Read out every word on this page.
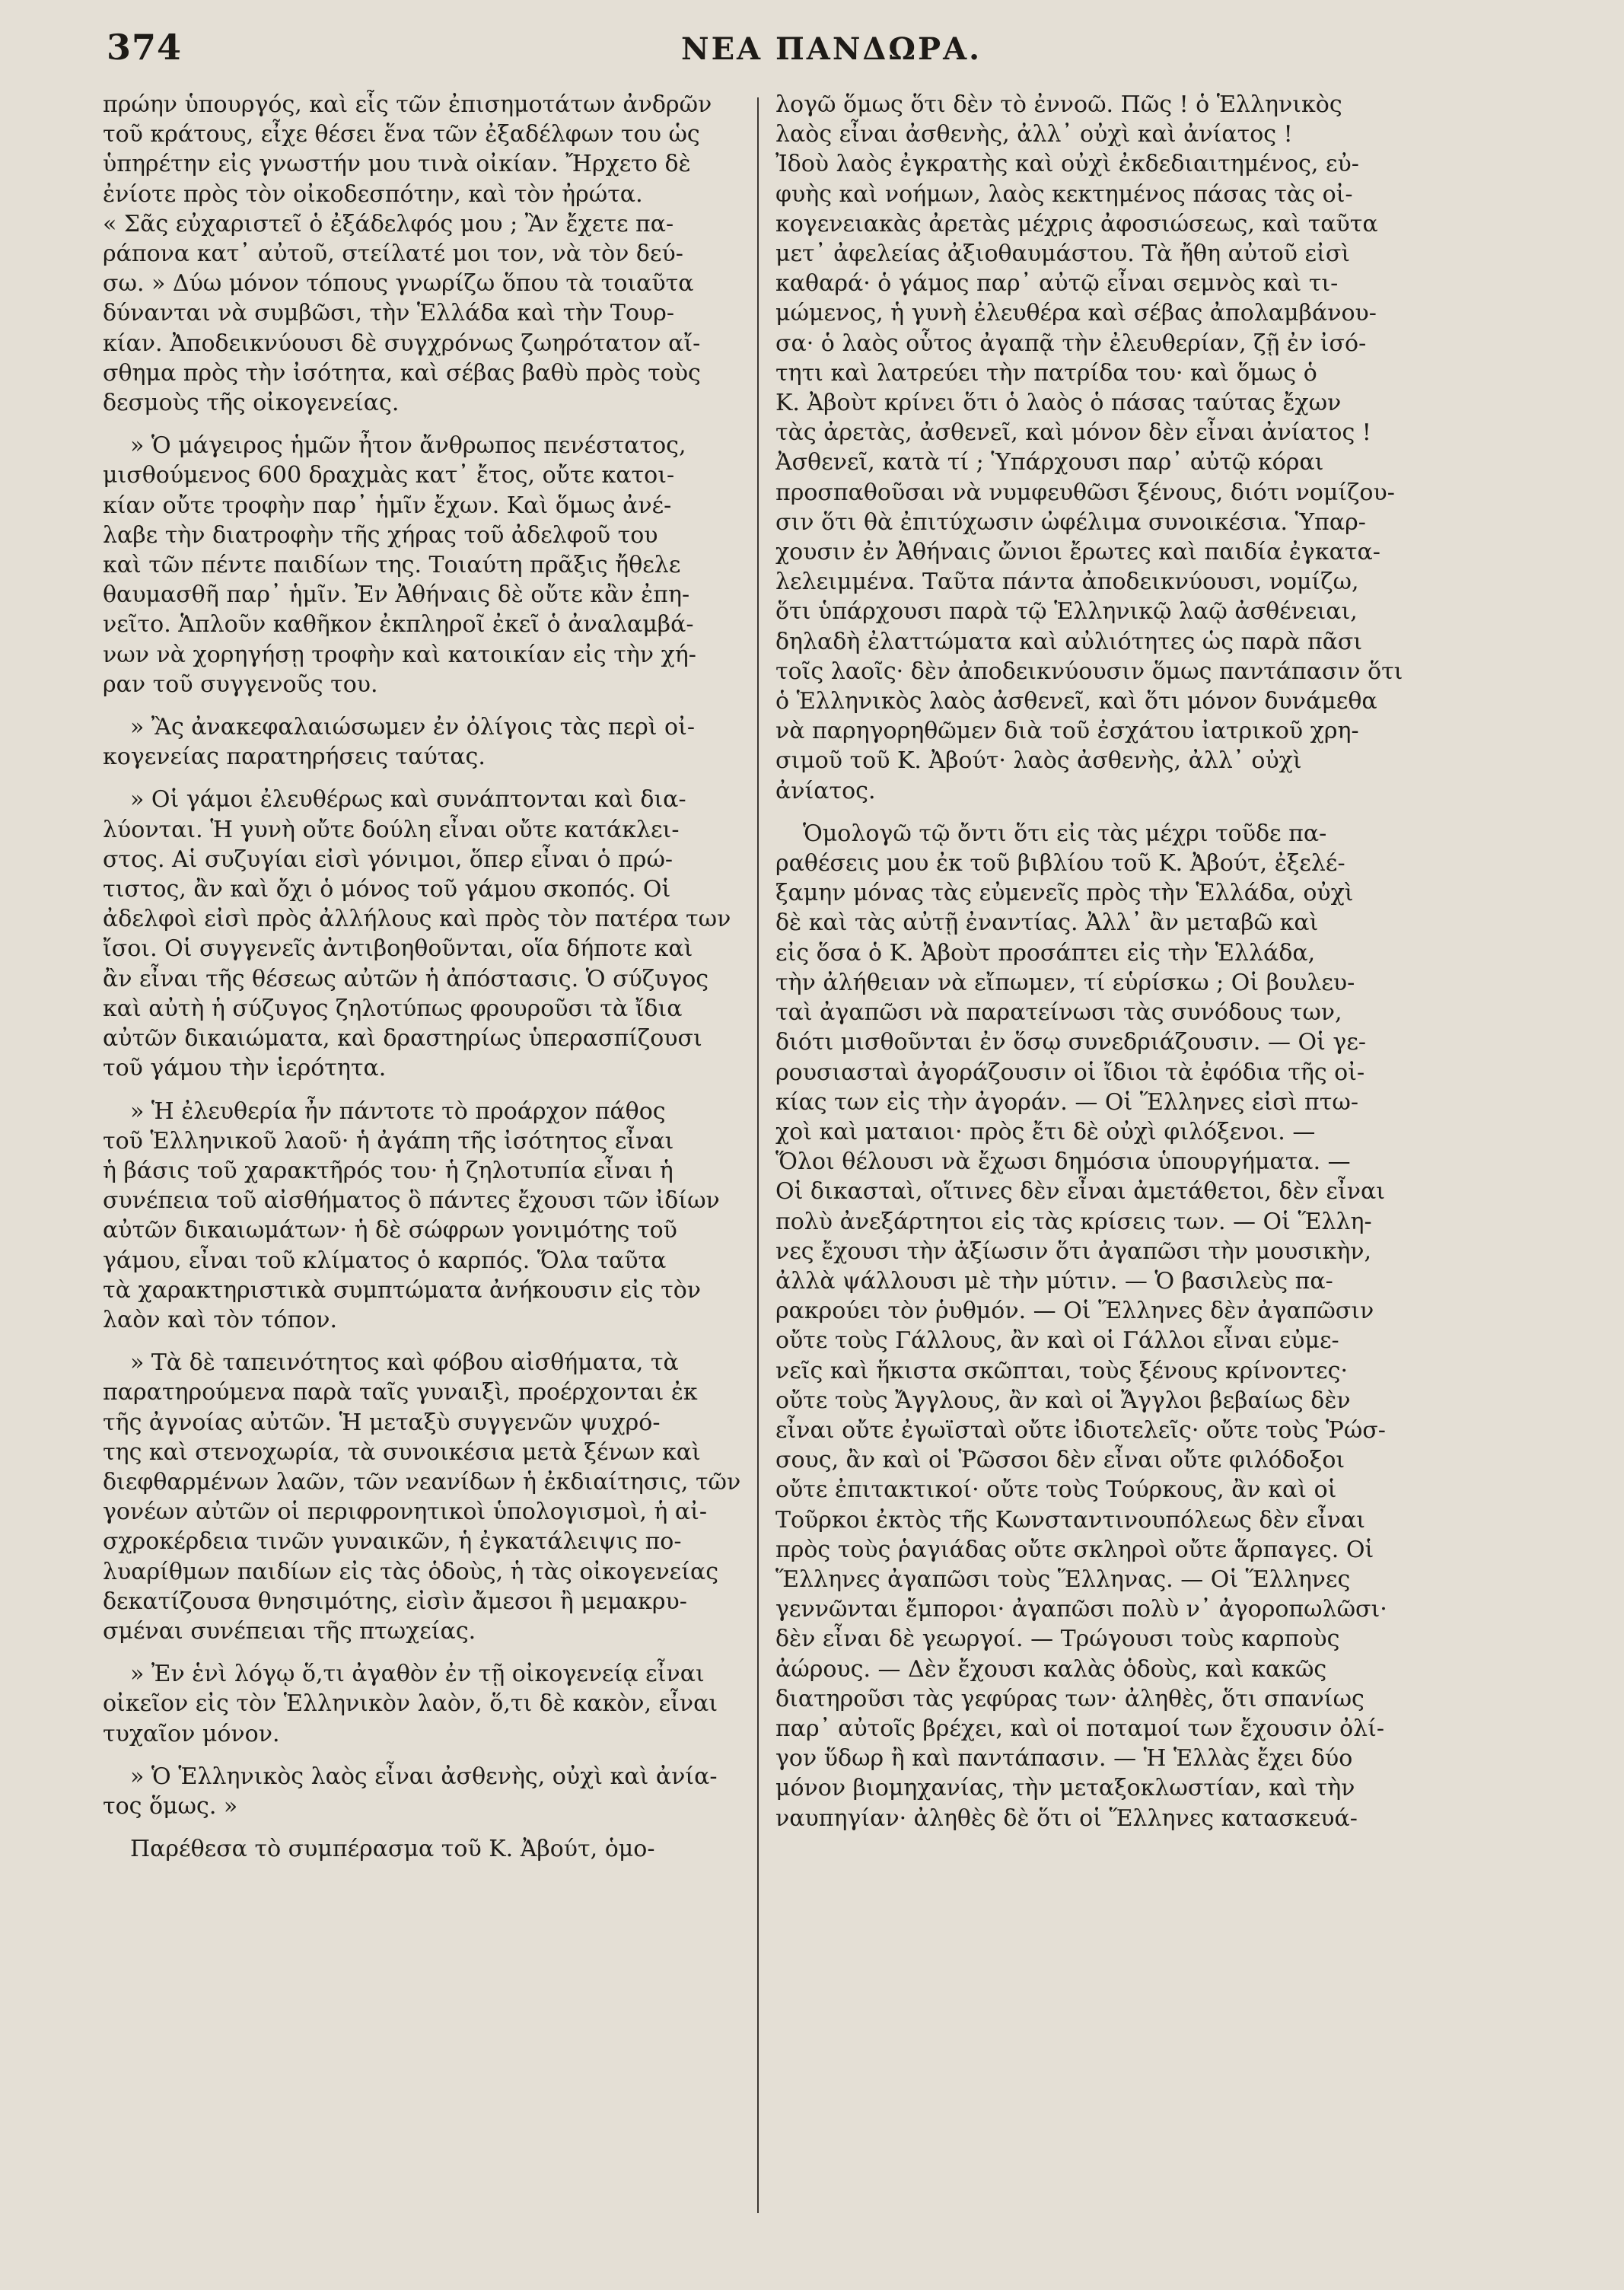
374	ΝΕΑ ΠΑΝΔΩΡΑ.

πρώην ὑπουργός, καὶ εἷς τῶν ἐπισημοτάτων ἀνδρῶν
τοῦ κράτους, εἶχε θέσει ἕνα τῶν ἐξαδέλφων του ὡς
ὑπηρέτην εἰς γνωστήν μου τινὰ οἰκίαν. Ἤρχετο δὲ
ἐνίοτε πρὸς τὸν οἰκοδεσπότην, καὶ τὸν ἠρώτα.
« Σᾶς εὐχαριστεῖ ὁ ἐξάδελφός μου ; Ἂν ἔχετε πα-
ράπονα κατ᾽ αὐτοῦ, στείλατέ μοι τον, νὰ τὸν δεύ-
σω. » Δύω μόνον τόπους γνωρίζω ὅπου τὰ τοιαῦτα
δύνανται νὰ συμβῶσι, τὴν Ἑλλάδα καὶ τὴν Τουρ-
κίαν. Ἀποδεικνύουσι δὲ συγχρόνως ζωηρότατον αἴ-
σθημα πρὸς τὴν ἰσότητα, καὶ σέβας βαθὺ πρὸς τοὺς
δεσμοὺς τῆς οἰκογενείας.

» Ὁ μάγειρος ἡμῶν ἦτον ἄνθρωπος πενέστατος,
μισθούμενος 600 δραχμὰς κατ᾽ ἔτος, οὔτε κατοι-
κίαν οὔτε τροφὴν παρ᾽ ἡμῖν ἔχων. Καὶ ὅμως ἀνέ-
λαβε τὴν διατροφὴν τῆς χήρας τοῦ ἀδελφοῦ του
καὶ τῶν πέντε παιδίων της. Τοιαύτη πρᾶξις ἤθελε
θαυμασθῆ παρ᾽ ἡμῖν. Ἐν Ἀθήναις δὲ οὔτε κἂν ἐπη-
νεῖτο. Ἁπλοῦν καθῆκον ἐκπληροῖ ἐκεῖ ὁ ἀναλαμβά-
νων νὰ χορηγήσῃ τροφὴν καὶ κατοικίαν εἰς τὴν χή-
ραν τοῦ συγγενοῦς του.

» Ἂς ἀνακεφαλαιώσωμεν ἐν ὀλίγοις τὰς περὶ οἰ-
κογενείας παρατηρήσεις ταύτας.

» Οἱ γάμοι ἐλευθέρως καὶ συνάπτονται καὶ δια-
λύονται. Ἡ γυνὴ οὔτε δούλη εἶναι οὔτε κατάκλει-
στος. Αἱ συζυγίαι εἰσὶ γόνιμοι, ὅπερ εἶναι ὁ πρώ-
τιστος, ἂν καὶ ὄχι ὁ μόνος τοῦ γάμου σκοπός. Οἱ
ἀδελφοὶ εἰσὶ πρὸς ἀλλήλους καὶ πρὸς τὸν πατέρα των
ἴσοι. Οἱ συγγενεῖς ἀντιβοηθοῦνται, οἵα δήποτε καὶ
ἂν εἶναι τῆς θέσεως αὐτῶν ἡ ἀπόστασις. Ὁ σύζυγος
καὶ αὐτὴ ἡ σύζυγος ζηλοτύπως φρουροῦσι τὰ ἴδια
αὐτῶν δικαιώματα, καὶ δραστηρίως ὑπερασπίζουσι
τοῦ γάμου τὴν ἱερότητα.

» Ἡ ἐλευθερία ἦν πάντοτε τὸ προάρχον πάθος
τοῦ Ἑλληνικοῦ λαοῦ· ἡ ἀγάπη τῆς ἰσότητος εἶναι
ἡ βάσις τοῦ χαρακτῆρός του· ἡ ζηλοτυπία εἶναι ἡ
συνέπεια τοῦ αἰσθήματος ὃ πάντες ἔχουσι τῶν ἰδίων
αὐτῶν δικαιωμάτων· ἡ δὲ σώφρων γονιμότης τοῦ
γάμου, εἶναι τοῦ κλίματος ὁ καρπός. Ὅλα ταῦτα
τὰ χαρακτηριστικὰ συμπτώματα ἀνήκουσιν εἰς τὸν
λαὸν καὶ τὸν τόπον.

» Τὰ δὲ ταπεινότητος καὶ φόβου αἰσθήματα, τὰ
παρατηρούμενα παρὰ ταῖς γυναιξὶ, προέρχονται ἐκ
τῆς ἀγνοίας αὐτῶν. Ἡ μεταξὺ συγγενῶν ψυχρό-
της καὶ στενοχωρία, τὰ συνοικέσια μετὰ ξένων καὶ
διεφθαρμένων λαῶν, τῶν νεανίδων ἡ ἐκδιαίτησις, τῶν
γονέων αὐτῶν οἱ περιφρονητικοὶ ὑπολογισμοὶ, ἡ αἰ-
σχροκέρδεια τινῶν γυναικῶν, ἡ ἐγκατάλειψις πο-
λυαρίθμων παιδίων εἰς τὰς ὁδοὺς, ἡ τὰς οἰκογενείας
δεκατίζουσα θνησιμότης, εἰσὶν ἄμεσοι ἢ μεμακρυ-
σμέναι συνέπειαι τῆς πτωχείας.

» Ἐν ἑνὶ λόγῳ ὅ,τι ἀγαθὸν ἐν τῇ οἰκογενείᾳ εἶναι
οἰκεῖον εἰς τὸν Ἑλληνικὸν λαὸν, ὅ,τι δὲ κακὸν, εἶναι
τυχαῖον μόνον.

» Ὁ Ἑλληνικὸς λαὸς εἶναι ἀσθενὴς, οὐχὶ καὶ ἀνία-
τος ὅμως. »

Παρέθεσα τὸ συμπέρασμα τοῦ Κ. Ἀβούτ, ὁμο-

λογῶ ὅμως ὅτι δὲν τὸ ἐννοῶ. Πῶς ! ὁ Ἑλληνικὸς
λαὸς εἶναι ἀσθενὴς, ἀλλ᾽ οὐχὶ καὶ ἀνίατος !
Ἰδοὺ λαὸς ἐγκρατὴς καὶ οὐχὶ ἐκδεδιαιτημένος, εὐ-
φυὴς καὶ νοήμων, λαὸς κεκτημένος πάσας τὰς οἰ-
κογενειακὰς ἀρετὰς μέχρις ἀφοσιώσεως, καὶ ταῦτα
μετ᾽ ἀφελείας ἀξιοθαυμάστου. Τὰ ἤθη αὐτοῦ εἰσὶ
καθαρά· ὁ γάμος παρ᾽ αὐτῷ εἶναι σεμνὸς καὶ τι-
μώμενος, ἡ γυνὴ ἐλευθέρα καὶ σέβας ἀπολαμβάνου-
σα· ὁ λαὸς οὗτος ἀγαπᾷ τὴν ἐλευθερίαν, ζῇ ἐν ἰσό-
τητι καὶ λατρεύει τὴν πατρίδα του· καὶ ὅμως ὁ
Κ. Ἀβοὺτ κρίνει ὅτι ὁ λαὸς ὁ πάσας ταύτας ἔχων
τὰς ἀρετὰς, ἀσθενεῖ, καὶ μόνον δὲν εἶναι ἀνίατος !
Ἀσθενεῖ, κατὰ τί ; Ὑπάρχουσι παρ᾽ αὐτῷ κόραι
προσπαθοῦσαι νὰ νυμφευθῶσι ξένους, διότι νομίζου-
σιν ὅτι θὰ ἐπιτύχωσιν ὠφέλιμα συνοικέσια. Ὑπαρ-
χουσιν ἐν Ἀθήναις ὤνιοι ἔρωτες καὶ παιδία ἐγκατα-
λελειμμένα. Ταῦτα πάντα ἀποδεικνύουσι, νομίζω,
ὅτι ὑπάρχουσι παρὰ τῷ Ἑλληνικῷ λαῷ ἀσθένειαι,
δηλαδὴ ἐλαττώματα καὶ αὐλιότητες ὡς παρὰ πᾶσι
τοῖς λαοῖς· δὲν ἀποδεικνύουσιν ὅμως παντάπασιν ὅτι
ὁ Ἑλληνικὸς λαὸς ἀσθενεῖ, καὶ ὅτι μόνον δυνάμεθα
νὰ παρηγορηθῶμεν διὰ τοῦ ἐσχάτου ἰατρικοῦ χρη-
σιμοῦ τοῦ Κ. Ἀβούτ· λαὸς ἀσθενὴς, ἀλλ᾽ οὐχὶ
ἀνίατος.

Ὁμολογῶ τῷ ὄντι ὅτι εἰς τὰς μέχρι τοῦδε πα-
ραθέσεις μου ἐκ τοῦ βιβλίου τοῦ Κ. Ἀβούτ, ἐξελέ-
ξαμην μόνας τὰς εὐμενεῖς πρὸς τὴν Ἑλλάδα, οὐχὶ
δὲ καὶ τὰς αὐτῇ ἐναντίας. Ἀλλ᾽ ἂν μεταβῶ καὶ
εἰς ὅσα ὁ Κ. Ἀβοὺτ προσάπτει εἰς τὴν Ἑλλάδα,
τὴν ἀλήθειαν νὰ εἴπωμεν, τί εὑρίσκω ; Οἱ βουλευ-
ταὶ ἀγαπῶσι νὰ παρατείνωσι τὰς συνόδους των,
διότι μισθοῦνται ἐν ὅσῳ συνεδριάζουσιν. — Οἱ γε-
ρουσιασταὶ ἀγοράζουσιν οἱ ἴδιοι τὰ ἐφόδια τῆς οἰ-
κίας των εἰς τὴν ἀγοράν. — Οἱ Ἕλληνες εἰσὶ πτω-
χοὶ καὶ ματαιοι· πρὸς ἔτι δὲ οὐχὶ φιλόξενοι. —
Ὅλοι θέλουσι νὰ ἔχωσι δημόσια ὑπουργήματα. —
Οἱ δικασταὶ, οἵτινες δὲν εἶναι ἀμετάθετοι, δὲν εἶναι
πολὺ ἀνεξάρτητοι εἰς τὰς κρίσεις των. — Οἱ Ἕλλη-
νες ἔχουσι τὴν ἀξίωσιν ὅτι ἀγαπῶσι τὴν μουσικὴν,
ἀλλὰ ψάλλουσι μὲ τὴν μύτιν. — Ὁ βασιλεὺς πα-
ρακρούει τὸν ῥυθμόν. — Οἱ Ἕλληνες δὲν ἀγαπῶσιν
οὔτε τοὺς Γάλλους, ἂν καὶ οἱ Γάλλοι εἶναι εὐμε-
νεῖς καὶ ἥκιστα σκῶπται, τοὺς ξένους κρίνοντες·
οὔτε τοὺς Ἄγγλους, ἂν καὶ οἱ Ἄγγλοι βεβαίως δὲν
εἶναι οὔτε ἐγωϊσταὶ οὔτε ἰδιοτελεῖς· οὔτε τοὺς Ῥώσ-
σους, ἂν καὶ οἱ Ῥῶσσοι δὲν εἶναι οὔτε φιλόδοξοι
οὔτε ἐπιτακτικοί· οὔτε τοὺς Τούρκους, ἂν καὶ οἱ
Τοῦρκοι ἐκτὸς τῆς Κωνσταντινουπόλεως δὲν εἶναι
πρὸς τοὺς ῥαγιάδας οὔτε σκληροὶ οὔτε ἅρπαγες. Οἱ
Ἕλληνες ἀγαπῶσι τοὺς Ἕλληνας. — Οἱ Ἕλληνες
γεννῶνται ἔμποροι· ἀγαπῶσι πολὺ ν᾽ ἀγοροπωλῶσι·
δὲν εἶναι δὲ γεωργοί. — Τρώγουσι τοὺς καρποὺς
ἀώρους. — Δὲν ἔχουσι καλὰς ὁδοὺς, καὶ κακῶς
διατηροῦσι τὰς γεφύρας των· ἀληθὲς, ὅτι σπανίως
παρ᾽ αὐτοῖς βρέχει, καὶ οἱ ποταμοί των ἔχουσιν ὀλί-
γον ὕδωρ ἢ καὶ παντάπασιν. — Ἡ Ἑλλὰς ἔχει δύο
μόνον βιομηχανίας, τὴν μεταξοκλωστίαν, καὶ τὴν
ναυπηγίαν· ἀληθὲς δὲ ὅτι οἱ Ἕλληνες κατασκευά-
